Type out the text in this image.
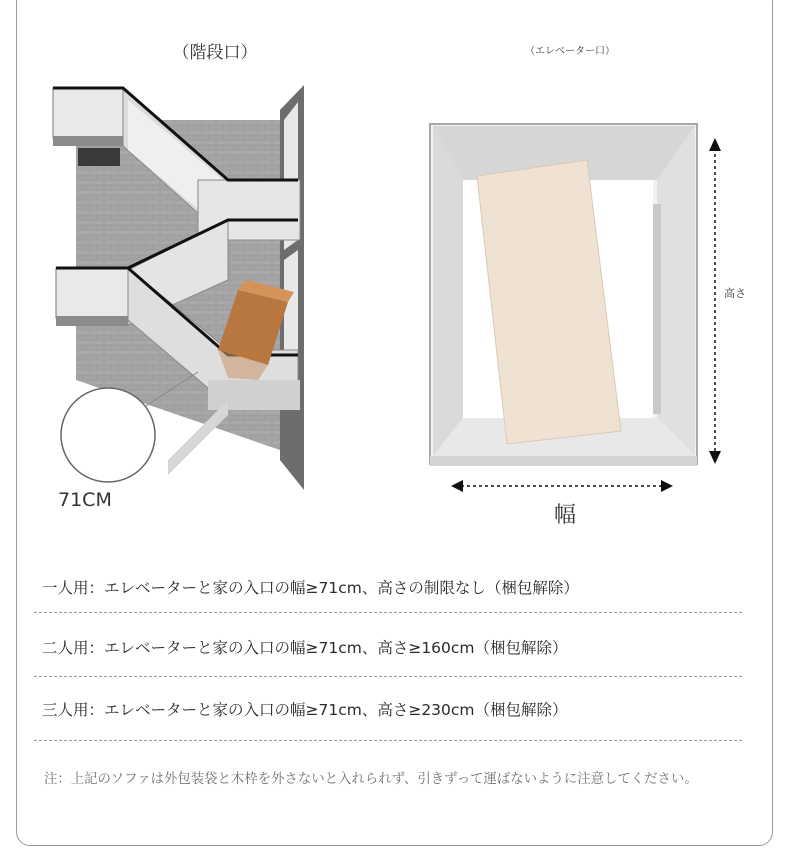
（階段口）
71CM
（エレベーター口）
高さ
幅
一人用：エレベーターと家の入口の幅≥71cm、高さの制限なし（梱包解除）
二人用：エレベーターと家の入口の幅≥71cm、高さ≥160cm（梱包解除）
三人用：エレベーターと家の入口の幅≥71cm、高さ≥230cm（梱包解除）
注：上記のソファは外包装袋と木枠を外さないと入れられず、引きずって運ばないように注意してください。
